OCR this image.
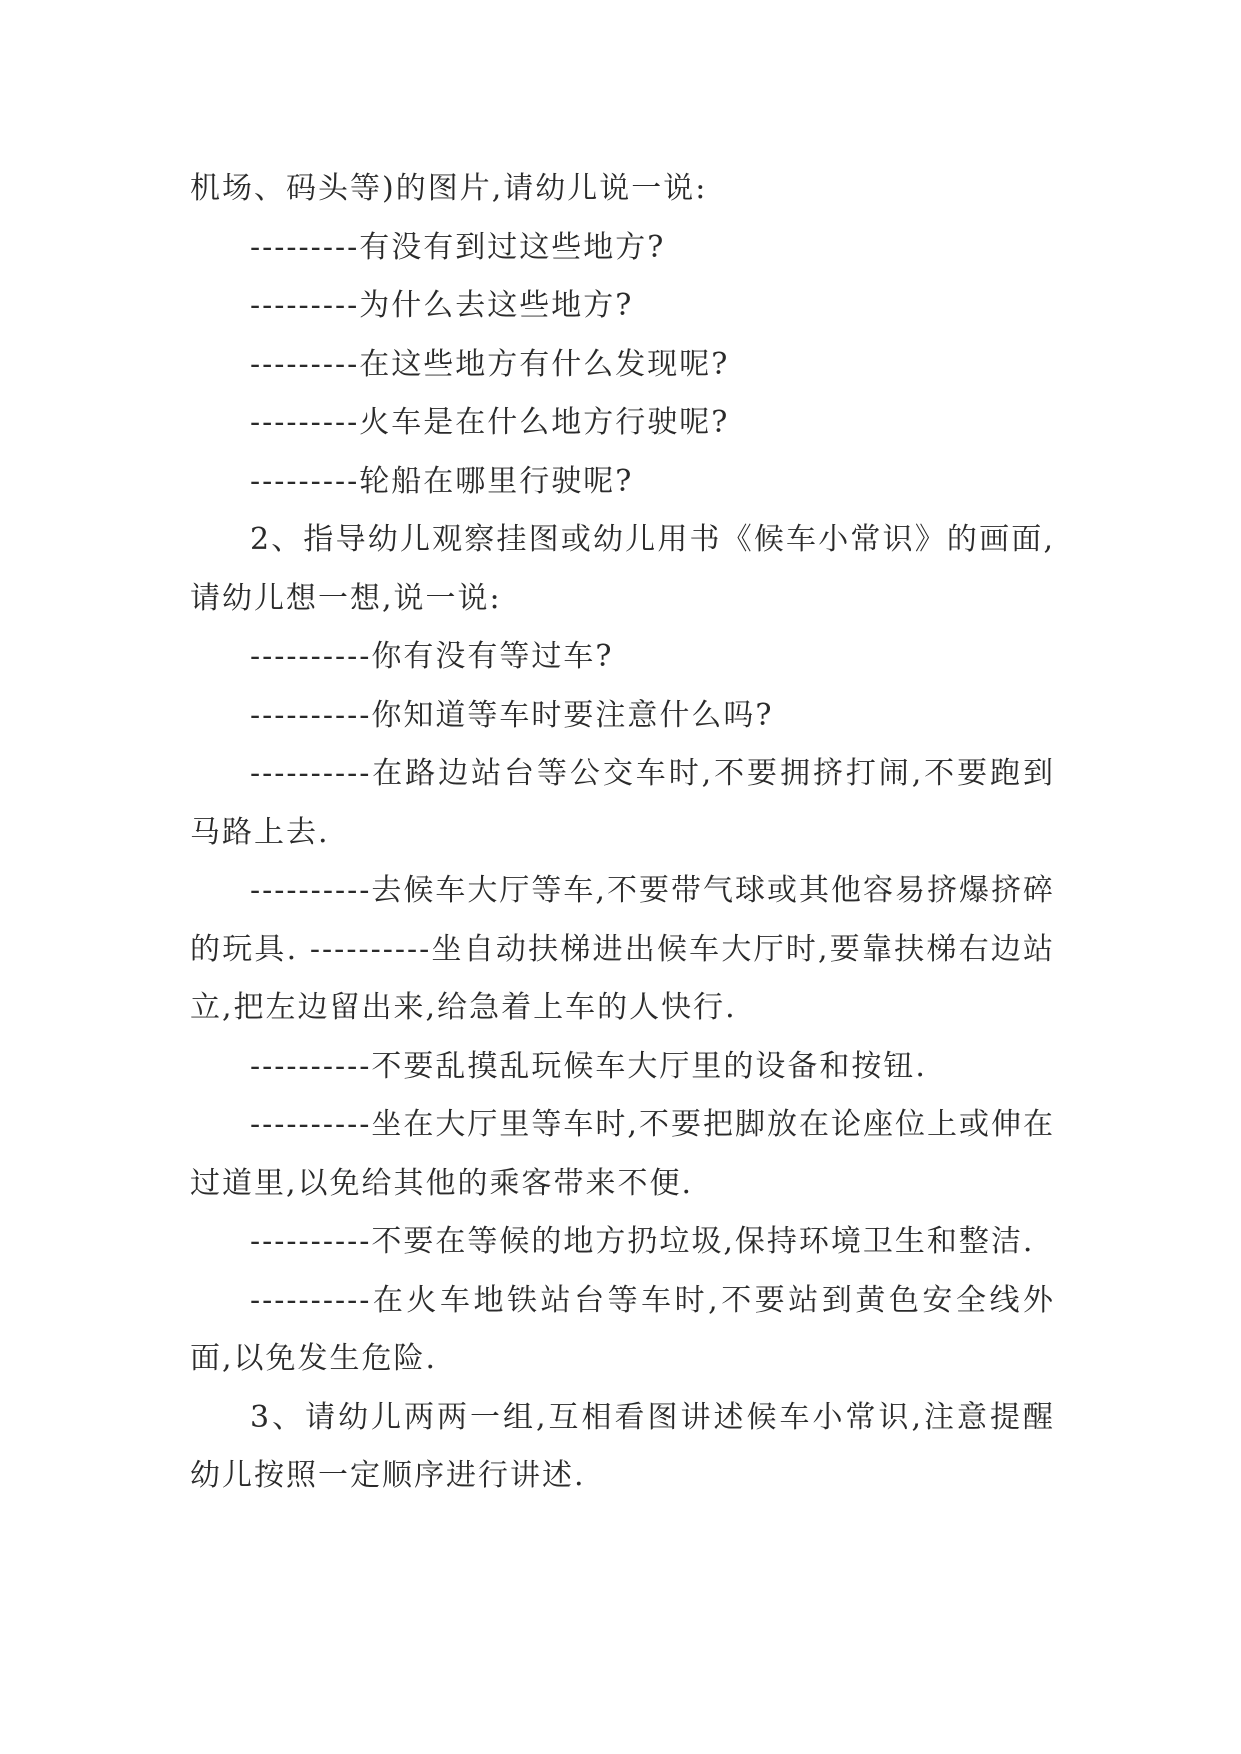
机场、码头等)的图片,请幼儿说一说:

---------有没有到过这些地方?

---------为什么去这些地方?

---------在这些地方有什么发现呢?

---------火车是在什么地方行驶呢?

---------轮船在哪里行驶呢?

2、指导幼儿观察挂图或幼儿用书《候车小常识》的画面,请幼儿想一想,说一说:

----------你有没有等过车?

----------你知道等车时要注意什么吗?

----------在路边站台等公交车时,不要拥挤打闹,不要跑到马路上去.

----------去候车大厅等车,不要带气球或其他容易挤爆挤碎的玩具. ----------坐自动扶梯进出候车大厅时,要靠扶梯右边站立,把左边留出来,给急着上车的人快行.

----------不要乱摸乱玩候车大厅里的设备和按钮.

----------坐在大厅里等车时,不要把脚放在论座位上或伸在过道里,以免给其他的乘客带来不便.

----------不要在等候的地方扔垃圾,保持环境卫生和整洁.

----------在火车地铁站台等车时,不要站到黄色安全线外面,以免发生危险.

3、请幼儿两两一组,互相看图讲述候车小常识,注意提醒幼儿按照一定顺序进行讲述.
